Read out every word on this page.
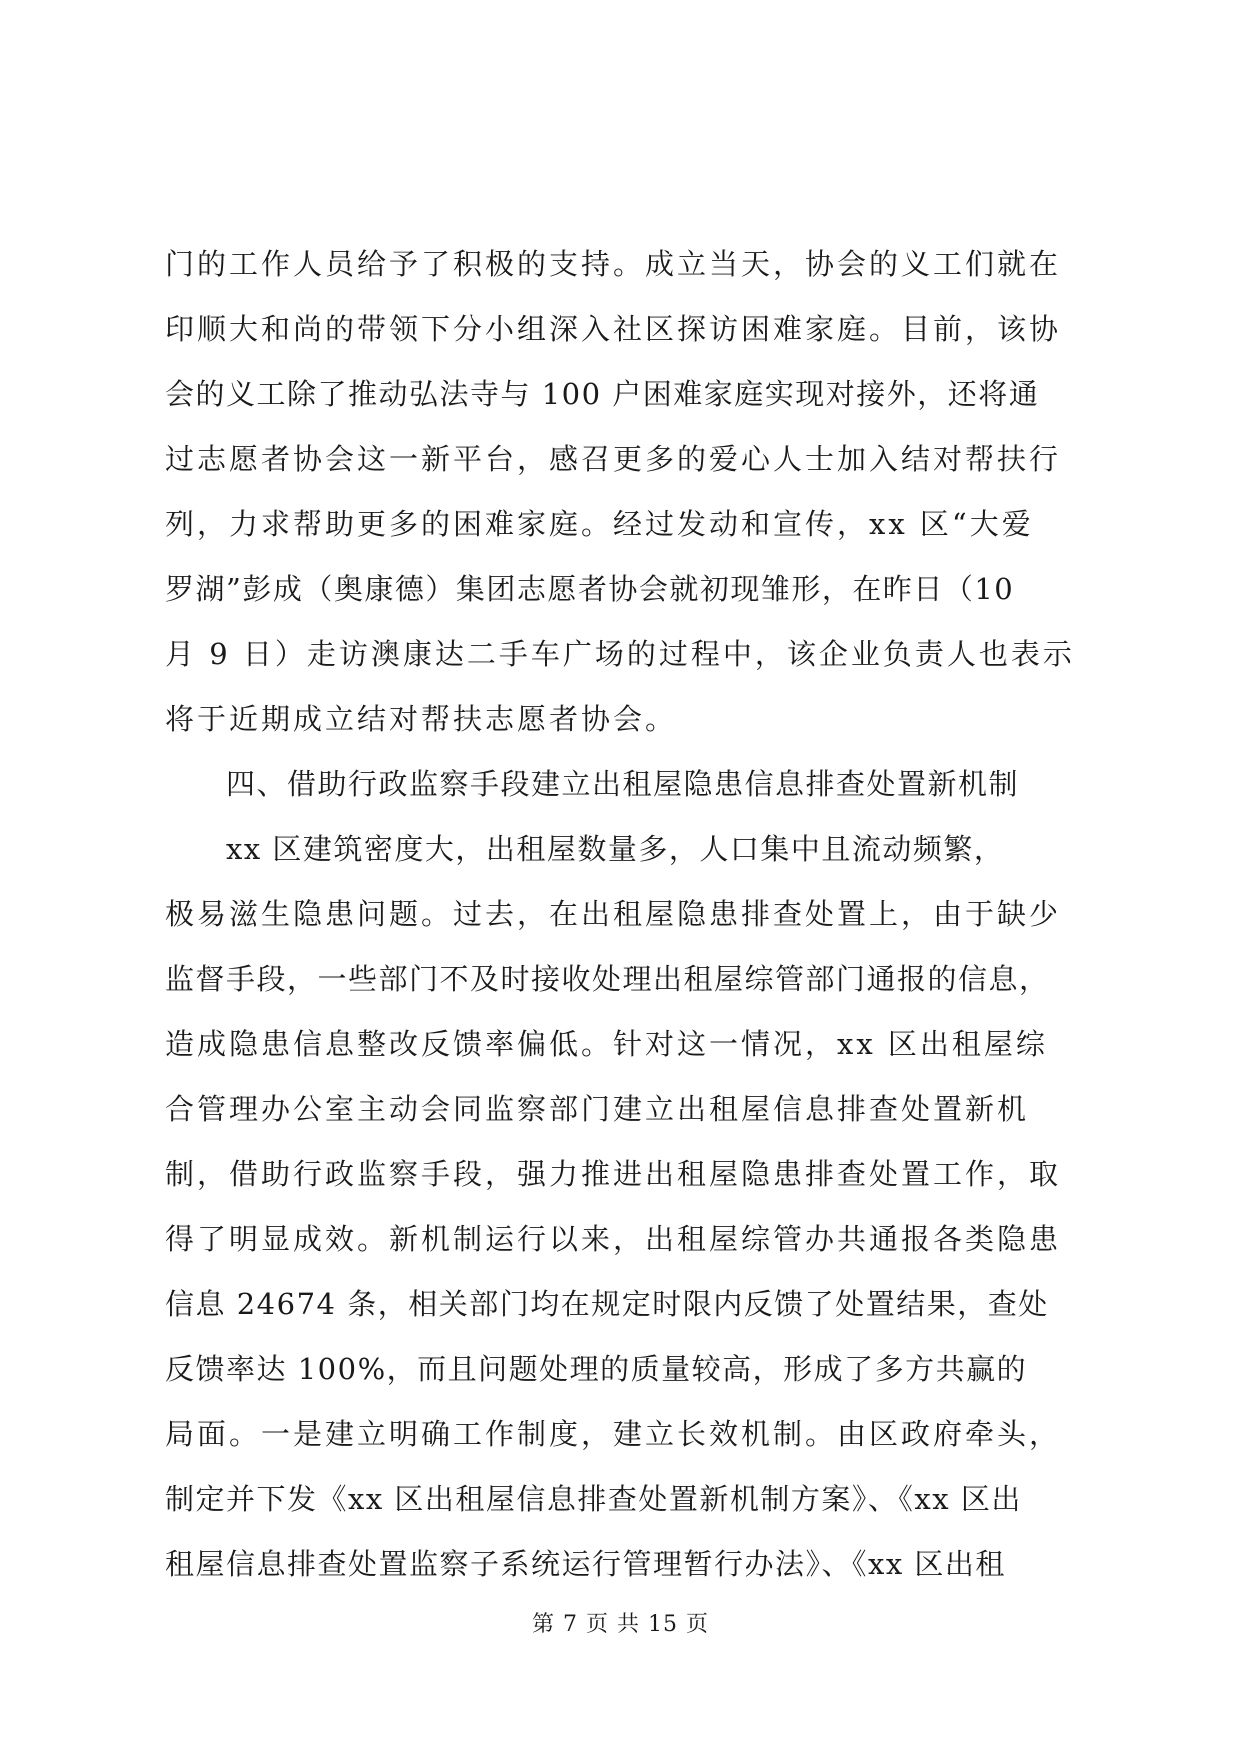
门的工作人员给予了积极的支持。成立当天，协会的义工们就在
印顺大和尚的带领下分小组深入社区探访困难家庭。目前，该协
会的义工除了推动弘法寺与 100 户困难家庭实现对接外，还将通
过志愿者协会这一新平台，感召更多的爱心人士加入结对帮扶行
列，力求帮助更多的困难家庭。经过发动和宣传，xx 区“大爱
罗湖”彭成（奥康德）集团志愿者协会就初现雏形，在昨日（10
月 9 日）走访澳康达二手车广场的过程中，该企业负责人也表示
将于近期成立结对帮扶志愿者协会。
　　四、借助行政监察手段建立出租屋隐患信息排查处置新机制
　　xx 区建筑密度大，出租屋数量多，人口集中且流动频繁，
极易滋生隐患问题。过去，在出租屋隐患排查处置上，由于缺少
监督手段，一些部门不及时接收处理出租屋综管部门通报的信息，
造成隐患信息整改反馈率偏低。针对这一情况，xx 区出租屋综
合管理办公室主动会同监察部门建立出租屋信息排查处置新机
制，借助行政监察手段，强力推进出租屋隐患排查处置工作，取
得了明显成效。新机制运行以来，出租屋综管办共通报各类隐患
信息 24674 条，相关部门均在规定时限内反馈了处置结果，查处
反馈率达 100%，而且问题处理的质量较高，形成了多方共赢的
局面。一是建立明确工作制度，建立长效机制。由区政府牵头，
制定并下发《xx 区出租屋信息排查处置新机制方案》、《xx 区出
租屋信息排查处置监察子系统运行管理暂行办法》、《xx 区出租
第 7 页 共 15 页
